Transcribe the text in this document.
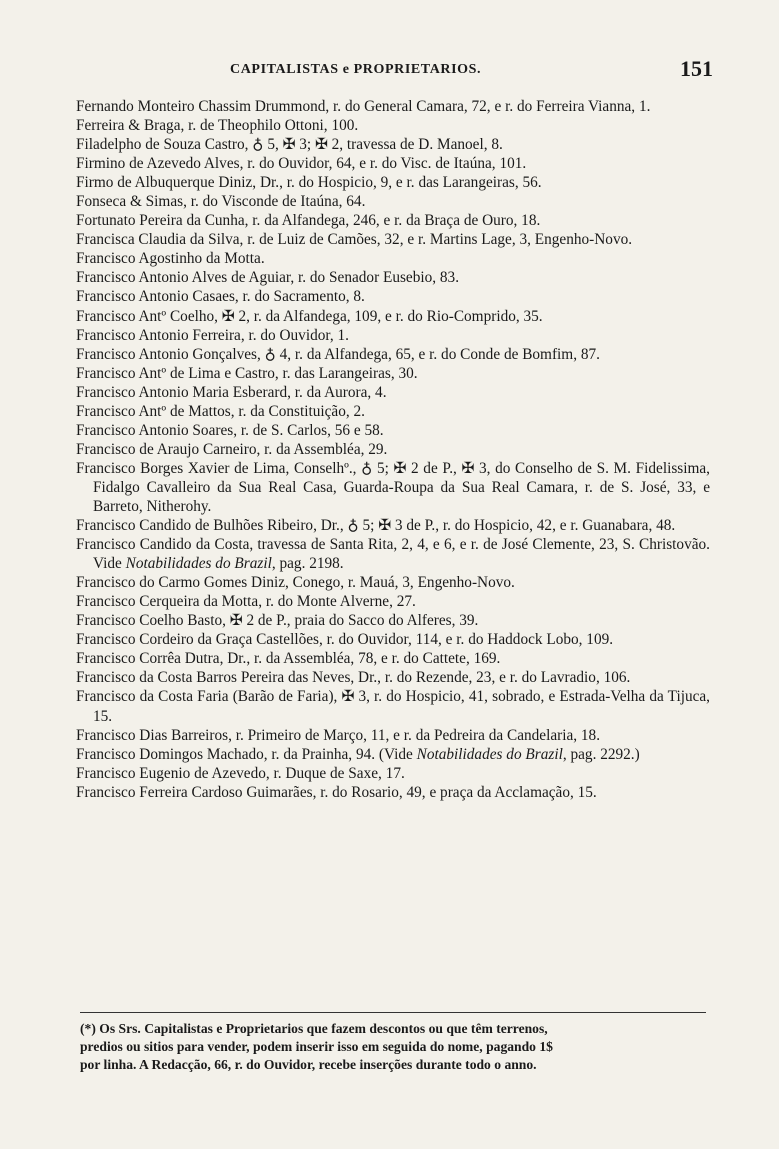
CAPITALISTAS e PROPRIETARIOS.	151

Fernando Monteiro Chassim Drummond, r. do General Camara, 72, e r. do Ferreira Vianna, 1.

Ferreira & Braga, r. de Theophilo Ottoni, 100.

Filadelpho de Souza Castro, ♁ 5, ✠ 3; ✠ 2, travessa de D. Manoel, 8.

Firmino de Azevedo Alves, r. do Ouvidor, 64, e r. do Visc. de Itaúna, 101.

Firmo de Albuquerque Diniz, Dr., r. do Hospicio, 9, e r. das Larangeiras, 56.

Fonseca & Simas, r. do Visconde de Itaúna, 64.

Fortunato Pereira da Cunha, r. da Alfandega, 246, e r. da Braça de Ouro, 18.

Francisca Claudia da Silva, r. de Luiz de Camões, 32, e r. Martins Lage, 3, Engenho-Novo.

Francisco Agostinho da Motta.

Francisco Antonio Alves de Aguiar, r. do Senador Eusebio, 83.

Francisco Antonio Casaes, r. do Sacramento, 8.

Francisco Antº Coelho, ✠ 2, r. da Alfandega, 109, e r. do Rio-Comprido, 35.

Francisco Antonio Ferreira, r. do Ouvidor, 1.

Francisco Antonio Gonçalves, ♁ 4, r. da Alfandega, 65, e r. do Conde de Bomfim, 87.

Francisco Antº de Lima e Castro, r. das Larangeiras, 30.

Francisco Antonio Maria Esberard, r. da Aurora, 4.

Francisco Antº de Mattos, r. da Constituição, 2.

Francisco Antonio Soares, r. de S. Carlos, 56 e 58.

Francisco de Araujo Carneiro, r. da Assembléa, 29.

Francisco Borges Xavier de Lima, Conselhº., ♁ 5; ✠ 2 de P., ✠ 3, do Conselho de S. M. Fidelissima, Fidalgo Cavalleiro da Sua Real Casa, Guarda-Roupa da Sua Real Camara, r. de S. José, 33, e Barreto, Nitherohy.

Francisco Candido de Bulhões Ribeiro, Dr., ♁ 5; ✠ 3 de P., r. do Hospicio, 42, e r. Guanabara, 48.

Francisco Candido da Costa, travessa de Santa Rita, 2, 4, e 6, e r. de José Clemente, 23, S. Christovão. Vide Notabilidades do Brazil, pag. 2198.

Francisco do Carmo Gomes Diniz, Conego, r. Mauá, 3, Engenho-Novo.

Francisco Cerqueira da Motta, r. do Monte Alverne, 27.

Francisco Coelho Basto, ✠ 2 de P., praia do Sacco do Alferes, 39.

Francisco Cordeiro da Graça Castellões, r. do Ouvidor, 114, e r. do Haddock Lobo, 109.

Francisco Corrêa Dutra, Dr., r. da Assembléa, 78, e r. do Cattete, 169.

Francisco da Costa Barros Pereira das Neves, Dr., r. do Rezende, 23, e r. do Lavradio, 106.

Francisco da Costa Faria (Barão de Faria), ✠ 3, r. do Hospicio, 41, sobrado, e Estrada-Velha da Tijuca, 15.

Francisco Dias Barreiros, r. Primeiro de Março, 11, e r. da Pedreira da Candelaria, 18.

Francisco Domingos Machado, r. da Prainha, 94. (Vide Notabilidades do Brazil, pag. 2292.)

Francisco Eugenio de Azevedo, r. Duque de Saxe, 17.

Francisco Ferreira Cardoso Guimarães, r. do Rosario, 49, e praça da Acclamação, 15.

(*) Os Srs. Capitalistas e Proprietarios que fazem descontos ou que têm terrenos,
predios ou sitios para vender, podem inserir isso em seguida do nome, pagando 1$
por linha. A Redacção, 66, r. do Ouvidor, recebe inserções durante todo o anno.
